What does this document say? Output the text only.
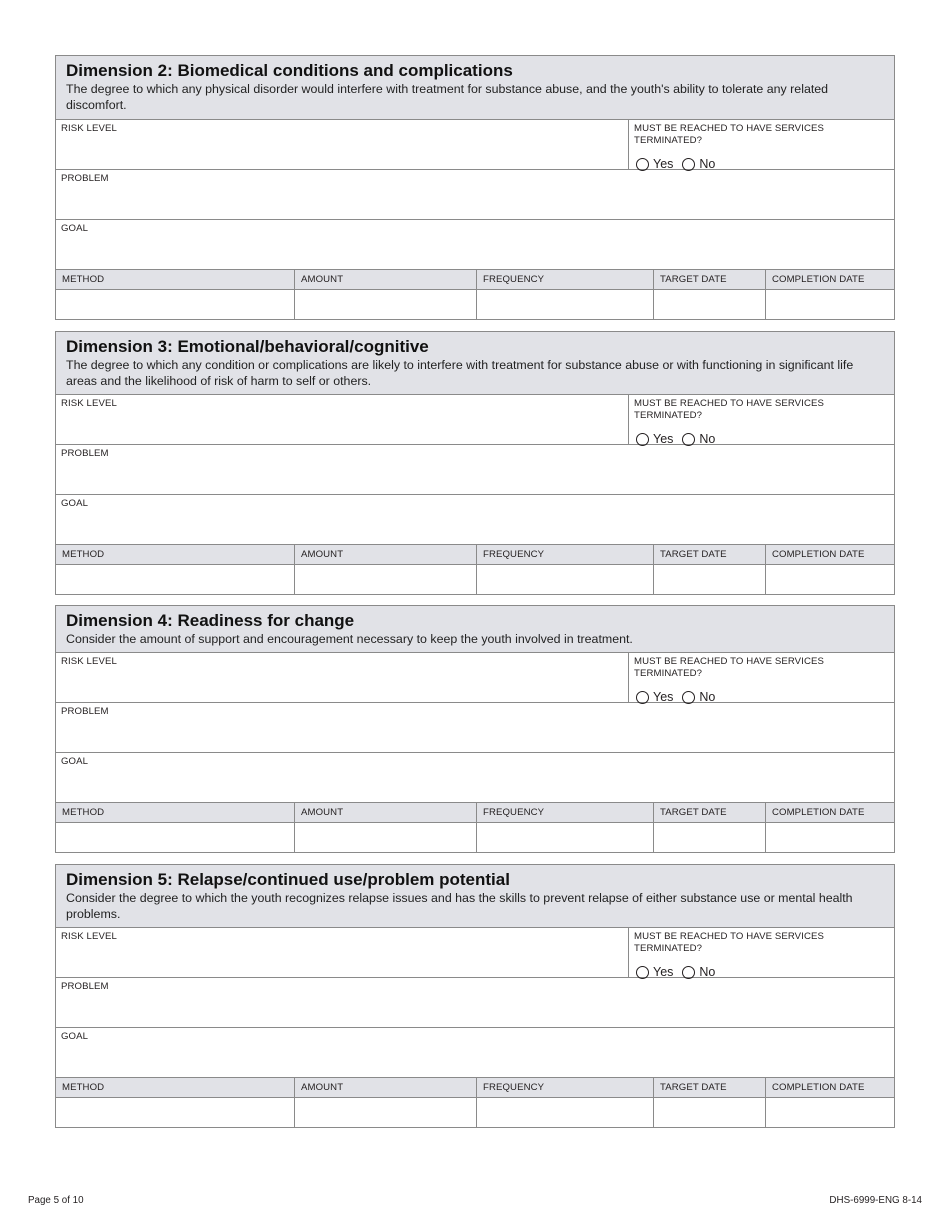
Dimension 2: Biomedical conditions and complications
The degree to which any physical disorder would interfere with treatment for substance abuse, and the youth's ability to tolerate any related discomfort.
RISK LEVEL	MUST BE REACHED TO HAVE SERVICES TERMINATED?
Yes No
PROBLEM
GOAL
METHOD	AMOUNT	FREQUENCY	TARGET DATE	COMPLETION DATE
Dimension 3: Emotional/behavioral/cognitive
The degree to which any condition or complications are likely to interfere with treatment for substance abuse or with functioning in significant life areas and the likelihood of risk of harm to self or others.
RISK LEVEL	MUST BE REACHED TO HAVE SERVICES TERMINATED?
Yes No
PROBLEM
GOAL
METHOD	AMOUNT	FREQUENCY	TARGET DATE	COMPLETION DATE
Dimension 4: Readiness for change
Consider the amount of support and encouragement necessary to keep the youth involved in treatment.
RISK LEVEL	MUST BE REACHED TO HAVE SERVICES TERMINATED?
Yes No
PROBLEM
GOAL
METHOD	AMOUNT	FREQUENCY	TARGET DATE	COMPLETION DATE
Dimension 5: Relapse/continued use/problem potential
Consider the degree to which the youth recognizes relapse issues and has the skills to prevent relapse of either substance use or mental health problems.
RISK LEVEL	MUST BE REACHED TO HAVE SERVICES TERMINATED?
Yes No
PROBLEM
GOAL
METHOD	AMOUNT	FREQUENCY	TARGET DATE	COMPLETION DATE
Page 5 of 10	DHS-6999-ENG 8-14
